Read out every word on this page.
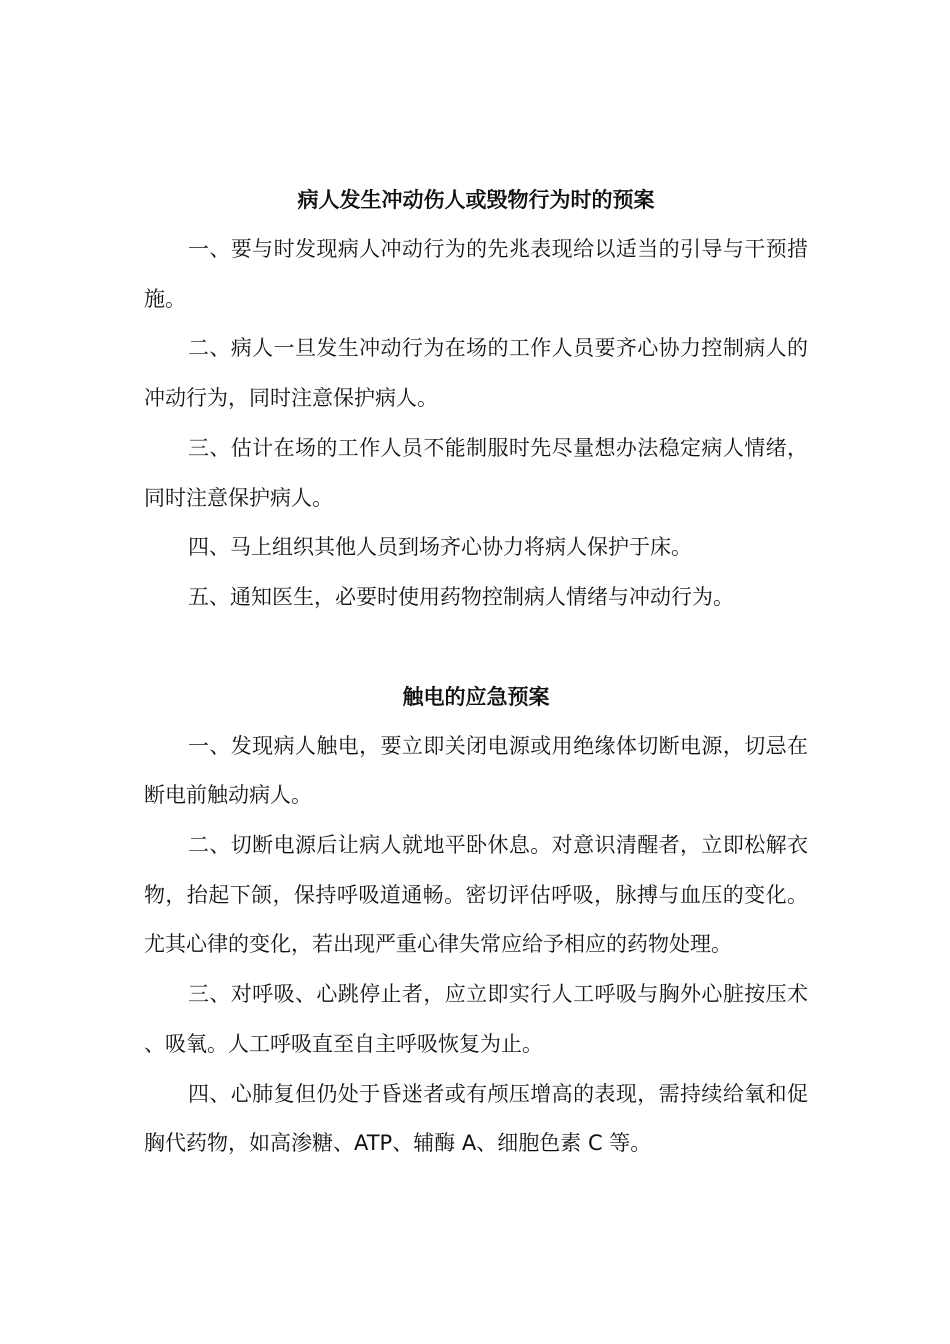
病人发生冲动伤人或毁物行为时的预案

一、要与时发现病人冲动行为的先兆表现给以适当的引导与干预措施。

二、病人一旦发生冲动行为在场的工作人员要齐心协力控制病人的冲动行为，同时注意保护病人。

三、估计在场的工作人员不能制服时先尽量想办法稳定病人情绪，同时注意保护病人。

四、马上组织其他人员到场齐心协力将病人保护于床。

五、通知医生，必要时使用药物控制病人情绪与冲动行为。

触电的应急预案

一、发现病人触电，要立即关闭电源或用绝缘体切断电源，切忌在断电前触动病人。

二、切断电源后让病人就地平卧休息。对意识清醒者，立即松解衣物，抬起下颌，保持呼吸道通畅。密切评估呼吸，脉搏与血压的变化。尤其心律的变化，若出现严重心律失常应给予相应的药物处理。

三、对呼吸、心跳停止者，应立即实行人工呼吸与胸外心脏按压术、吸氧。人工呼吸直至自主呼吸恢复为止。

四、心肺复但仍处于昏迷者或有颅压增高的表现，需持续给氧和促胸代药物，如高渗糖、ATP、辅酶 A、细胞色素 C 等。
